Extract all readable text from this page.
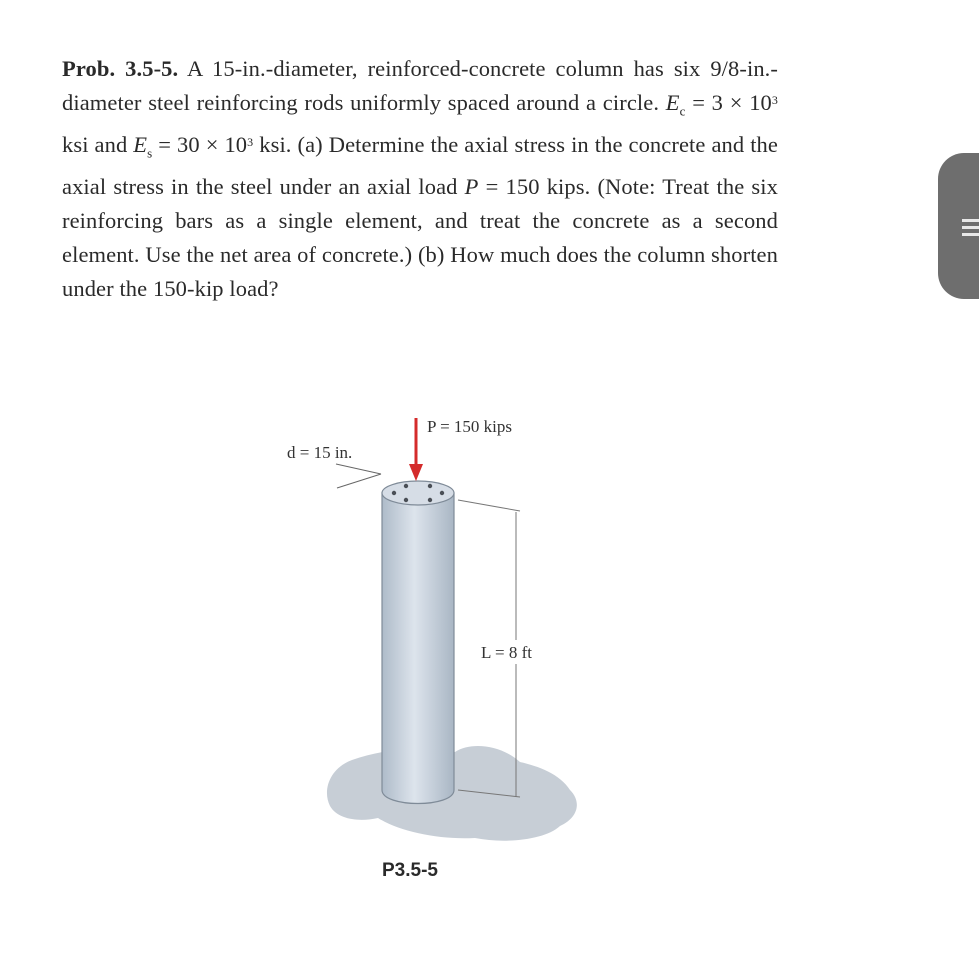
Prob. 3.5-5. A 15-in.-diameter, reinforced-concrete column has six 9/8-in.-diameter steel reinforcing rods uniformly spaced around a circle. $E_c = 3 \times 10^3$ ksi and $E_s = 30 \times 10^3$ ksi. (a) Determine the axial stress in the concrete and the axial stress in the steel under an axial load P = 150 kips. (Note: Treat the six reinforcing bars as a single element, and treat the concrete as a second element. Use the net area of concrete.) (b) How much does the column shorten under the 150-kip load?
P = 150 kips
d = 15 in.
L = 8 ft
P3.5-5
